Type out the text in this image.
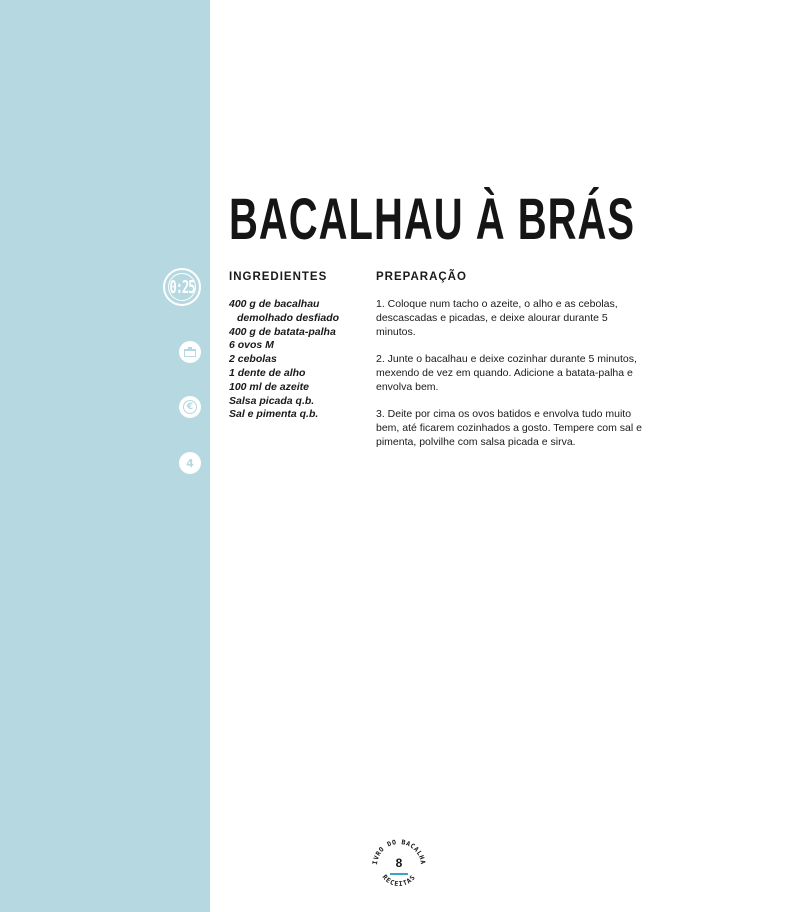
0:25
€
4
BACALHAU À BRÁS
INGREDIENTES	PREPARAÇÃO
400 g de bacalhau
demolhado desfiado
400 g de batata-palha
6 ovos M
2 cebolas
1 dente de alho
100 ml de azeite
Salsa picada q.b.
Sal e pimenta q.b.

1. Coloque num tacho o azeite, o alho e as cebolas, descascadas e picadas, e deixe alourar durante 5 minutos.

2. Junte o bacalhau e deixe cozinhar durante 5 minutos, mexendo de vez em quando. Adicione a batata-palha e envolva bem.

3. Deite por cima os ovos batidos e envolva tudo muito bem, até ficarem cozinhados a gosto. Tempere com sal e pimenta, polvilhe com salsa picada e sirva.

IVRO DO BACALHA
RECEITAS
8
